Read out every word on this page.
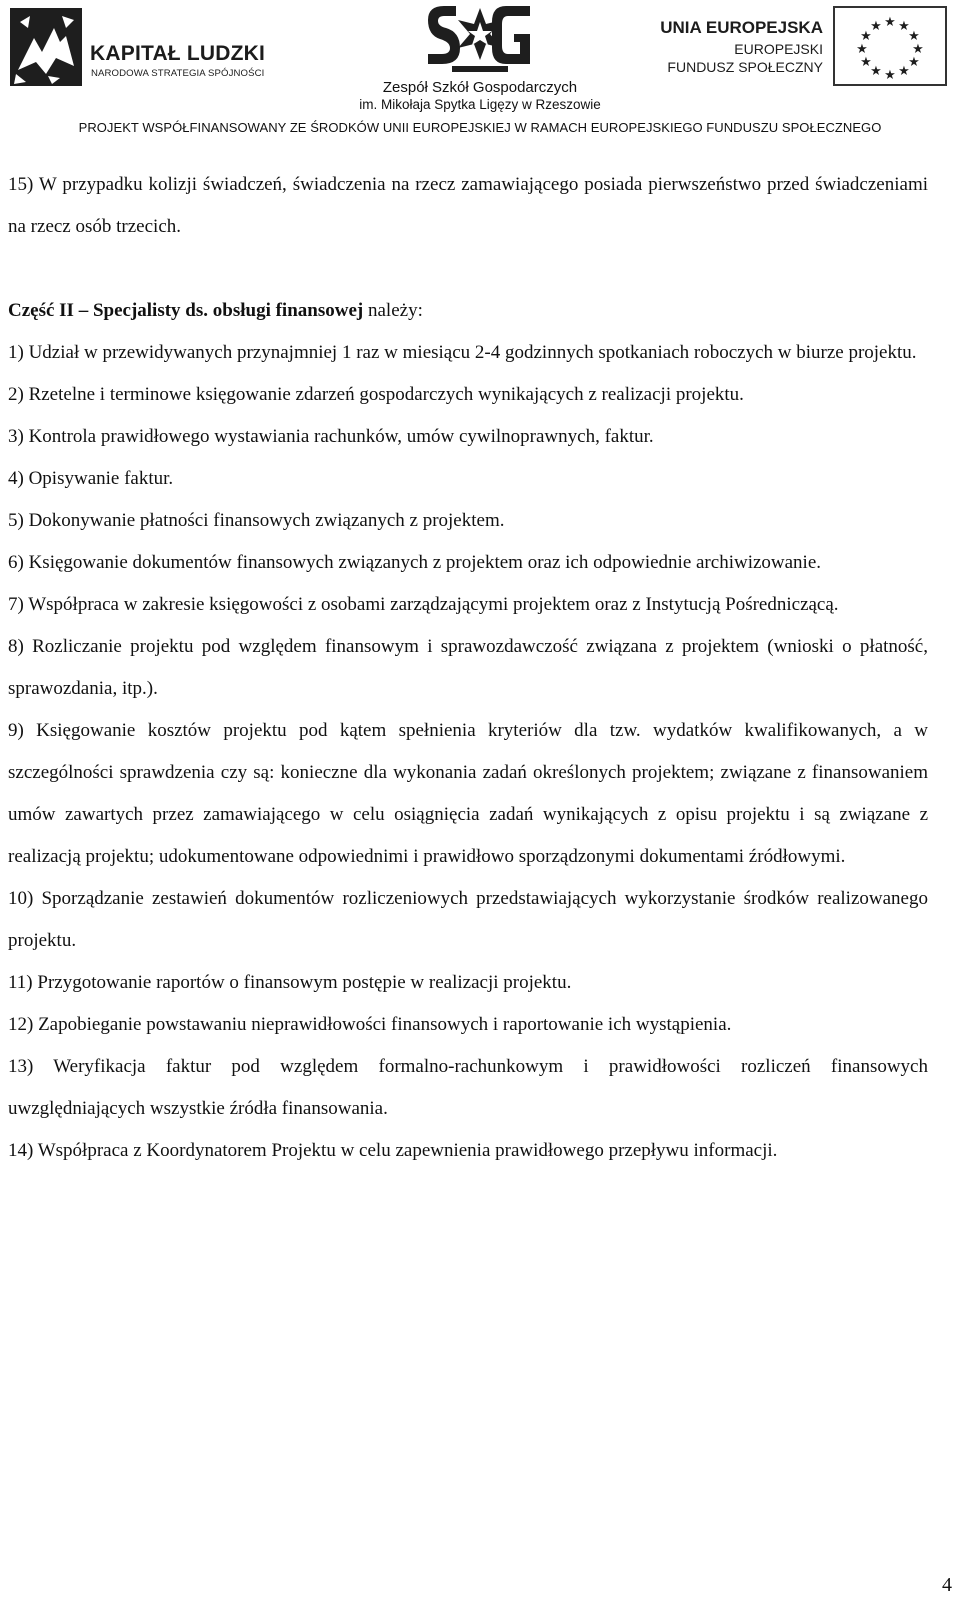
KAPITAŁ LUDZKI
NARODOWA STRATEGIA SPÓJNOŚCI
Zespół Szkół Gospodarczych
im. Mikołaja Spytka Ligęzy w Rzeszowie
UNIA EUROPEJSKA
EUROPEJSKI
FUNDUSZ SPOŁECZNY
★ ★
★
★
★
★
★
★
★
★
★
★
PROJEKT WSPÓŁFINANSOWANY ZE ŚRODKÓW UNII EUROPEJSKIEJ W RAMACH EUROPEJSKIEGO FUNDUSZU SPOŁECZNEGO

15) W przypadku kolizji świadczeń, świadczenia na rzecz zamawiającego posiada pierwszeństwo przed świadczeniami na rzecz osób trzecich.

Część II – Specjalisty ds. obsługi finansowej należy:

1) Udział w przewidywanych przynajmniej 1 raz w miesiącu 2-4 godzinnych spotkaniach roboczych w biurze projektu.

2) Rzetelne i terminowe księgowanie zdarzeń gospodarczych wynikających z realizacji projektu.

3) Kontrola prawidłowego wystawiania rachunków, umów cywilnoprawnych, faktur.

4) Opisywanie faktur.

5) Dokonywanie płatności finansowych związanych z projektem.

6) Księgowanie dokumentów finansowych związanych z projektem oraz ich odpowiednie archiwizowanie.

7) Współpraca w zakresie księgowości z osobami zarządzającymi projektem oraz z Instytucją Pośredniczącą.

8) Rozliczanie projektu pod względem finansowym i sprawozdawczość związana z projektem (wnioski o płatność, sprawozdania, itp.).

9) Księgowanie kosztów projektu pod kątem spełnienia kryteriów dla tzw. wydatków kwalifikowanych, a w szczególności sprawdzenia czy są: konieczne dla wykonania zadań określonych projektem; związane z finansowaniem umów zawartych przez zamawiającego w celu osiągnięcia zadań wynikających z opisu projektu i są związane z realizacją projektu; udokumentowane odpowiednimi i prawidłowo sporządzonymi dokumentami źródłowymi.

10) Sporządzanie zestawień dokumentów rozliczeniowych przedstawiających wykorzystanie środków realizowanego projektu.

11) Przygotowanie raportów o finansowym postępie w realizacji projektu.

12) Zapobieganie powstawaniu nieprawidłowości finansowych i raportowanie ich wystąpienia.

13) Weryfikacja faktur pod względem formalno-rachunkowym i prawidłowości rozliczeń finansowych uwzględniających wszystkie źródła finansowania.

14) Współpraca z Koordynatorem Projektu w celu zapewnienia prawidłowego przepływu informacji.

4
